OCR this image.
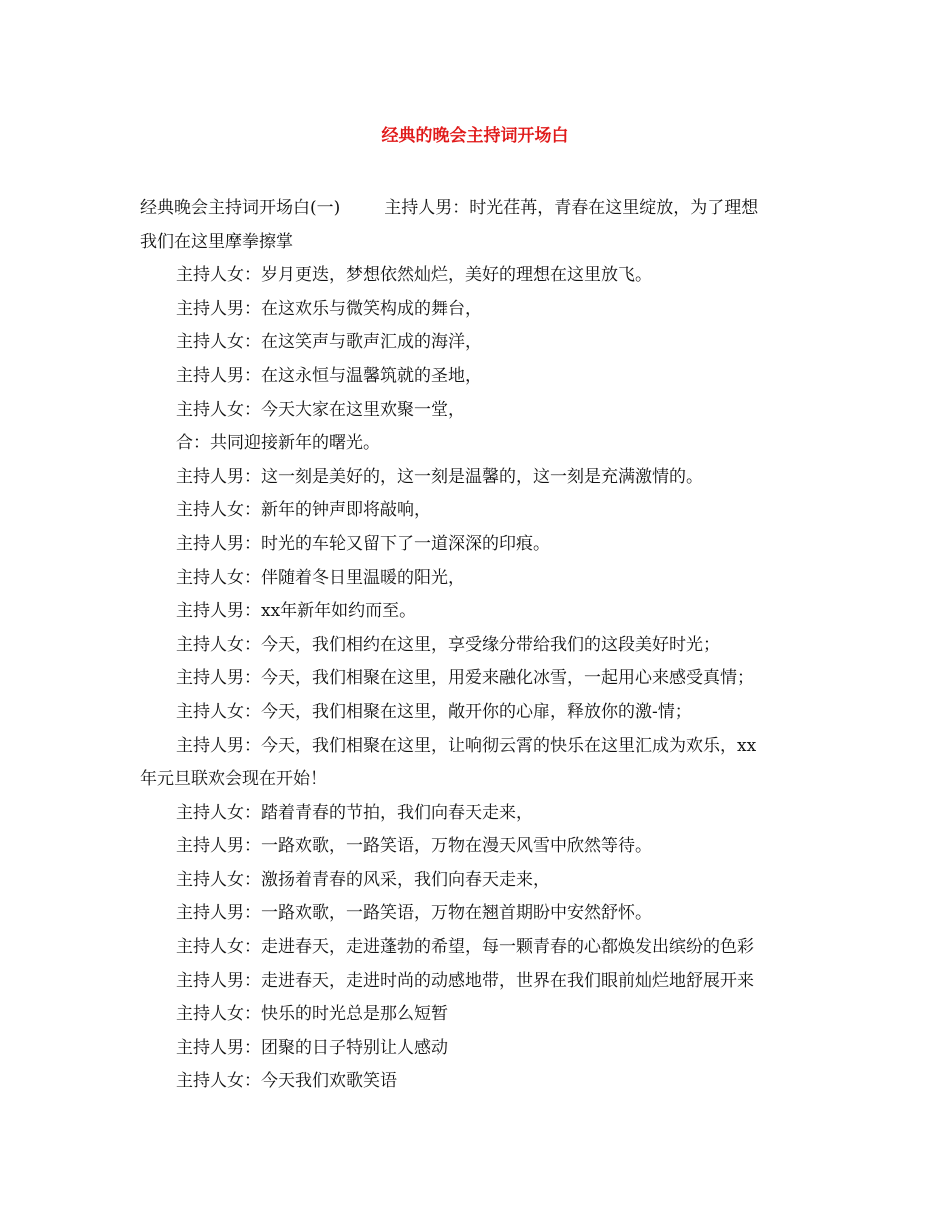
经典的晚会主持词开场白
经典晚会主持词开场白(一)	主持人男：时光荏苒，青春在这里绽放，为了理想
我们在这里摩拳擦掌
主持人女：岁月更迭，梦想依然灿烂，美好的理想在这里放飞。
主持人男：在这欢乐与微笑构成的舞台，
主持人女：在这笑声与歌声汇成的海洋，
主持人男：在这永恒与温馨筑就的圣地，
主持人女：今天大家在这里欢聚一堂，
合：共同迎接新年的曙光。
主持人男：这一刻是美好的，这一刻是温馨的，这一刻是充满激情的。
主持人女：新年的钟声即将敲响，
主持人男：时光的车轮又留下了一道深深的印痕。
主持人女：伴随着冬日里温暖的阳光，
主持人男：xx年新年如约而至。
主持人女：今天，我们相约在这里，享受缘分带给我们的这段美好时光；
主持人男：今天，我们相聚在这里，用爱来融化冰雪，一起用心来感受真情；
主持人女：今天，我们相聚在这里，敞开你的心扉，释放你的激-情；
主持人男：今天，我们相聚在这里，让响彻云霄的快乐在这里汇成为欢乐，xx
年元旦联欢会现在开始！
主持人女：踏着青春的节拍，我们向春天走来，
主持人男：一路欢歌，一路笑语，万物在漫天风雪中欣然等待。
主持人女：激扬着青春的风采，我们向春天走来，
主持人男：一路欢歌，一路笑语，万物在翘首期盼中安然舒怀。
主持人女：走进春天，走进蓬勃的希望，每一颗青春的心都焕发出缤纷的色彩
主持人男：走进春天，走进时尚的动感地带，世界在我们眼前灿烂地舒展开来
主持人女：快乐的时光总是那么短暂
主持人男：团聚的日子特别让人感动
主持人女：今天我们欢歌笑语
